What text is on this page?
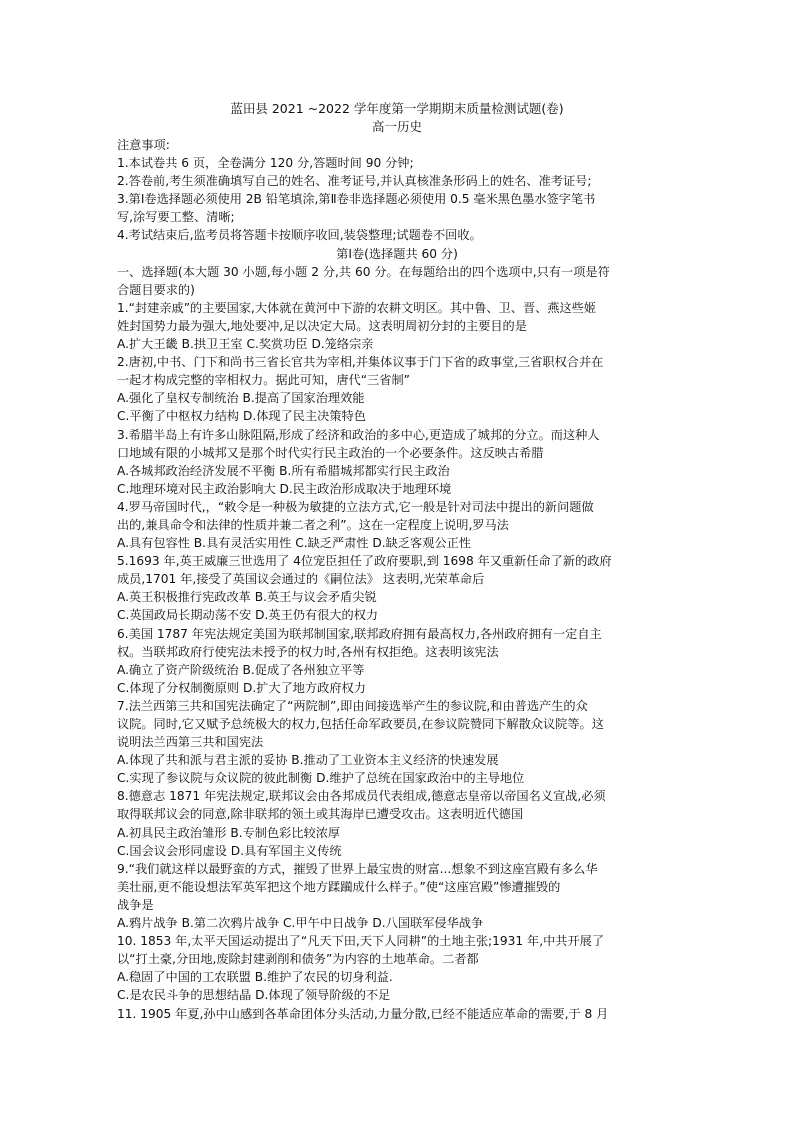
蓝田县 2021 ~2022 学年度第一学期期末质量检测试题(卷)
高一历史
注意事项:
1.本试卷共 6 页，全卷满分 120 分,答题时间 90 分钟;
2.答卷前,考生须准确填写自己的姓名、准考证号,并认真核准条形码上的姓名、准考证号;
3.第Ⅰ卷选择题必须使用 2B 铅笔填涂,第Ⅱ卷非选择题必须使用 0.5 毫米黑色墨水签字笔书
写,涂写要工整、清晰;
4.考试结束后,监考员将答题卡按顺序收回,装袋整理;试题卷不回收。
第Ⅰ卷(选择题共 60 分)
一、选择题(本大题 30 小题,每小题 2 分,共 60 分。在每题给出的四个选项中,只有一项是符
合题目要求的)
1.“封建亲戚”的主要国家,大体就在黄河中下游的农耕文明区。其中鲁、卫、晋、燕这些姬
姓封国势力最为强大,地处要冲,足以决定大局。这表明周初分封的主要目的是
A.扩大王畿 B.拱卫王室 C.奖赏功臣 D.笼络宗亲
2.唐初,中书、门下和尚书三省长官共为宰相,并集体议事于门下省的政事堂,三省职权合并在
一起才构成完整的宰相权力。据此可知，唐代“三省制”
A.强化了皇权专制统治 B.提高了国家治理效能
C.平衡了中枢权力结构 D.体现了民主决策特色
3.希腊半岛上有许多山脉阻隔,形成了经济和政治的多中心,更造成了城邦的分立。而这种人
口地域有限的小城邦又是那个时代实行民主政治的一个必要条件。这反映古希腊
A.各城邦政治经济发展不平衡 B.所有希腊城邦都实行民主政治
C.地理环境对民主政治影响大 D.民主政治形成取决于地理环境
4.罗马帝国时代,，“敕令是一种极为敏捷的立法方式,它一般是针对司法中提出的新问题做
出的,兼具命令和法律的性质并兼二者之利”。这在一定程度上说明,罗马法
A.具有包容性 B.具有灵活实用性 C.缺乏严肃性 D.缺乏客观公正性
5.1693 年,英王威廉三世选用了 4位宠臣担任了政府要职,到 1698 年又重新任命了新的政府
成员,1701 年,接受了英国议会通过的《嗣位法》 这表明,光荣革命后
A.英王积极推行宪政改革 B.英王与议会矛盾尖锐
C.英国政局长期动荡不安 D.英王仍有很大的权力
6.美国 1787 年宪法规定美国为联邦制国家,联邦政府拥有最高权力,各州政府拥有一定自主
权。当联邦政府行使宪法未授予的权力时,各州有权拒绝。这表明该宪法
A.确立了资产阶级统治 B.促成了各州独立平等
C.体现了分权制衡原则 D.扩大了地方政府权力
7.法兰西第三共和国宪法确定了“两院制”,即由间接选举产生的参议院,和由普选产生的众
议院。同时,它又赋予总统极大的权力,包括任命军政要员,在参议院赞同下解散众议院等。这
说明法兰西第三共和国宪法
A.体现了共和派与君主派的妥协 B.推动了工业资本主义经济的快速发展
C.实现了参议院与众议院的彼此制衡 D.维护了总统在国家政治中的主导地位
8.德意志 1871 年宪法规定,联邦议会由各邦成员代表组成,德意志皇帝以帝国名义宣战,必须
取得联邦议会的同意,除非联邦的领土或其海岸已遭受攻击。这表明近代德国
A.初具民主政治雏形 B.专制色彩比较浓厚
C.国会议会形同虚设 D.具有军国主义传统
9.“我们就这样以最野蛮的方式，摧毁了世界上最宝贵的财富...想象不到这座宫殿有多么华
美壮丽,更不能设想法军英军把这个地方蹂躏成什么样子。”使“这座宫殿”惨遭摧毁的
战争是
A.鸦片战争 B.第二次鸦片战争 C.甲午中日战争 D.八国联军侵华战争
10. 1853 年,太平天国运动提出了“凡天下田,天下人同耕”的土地主张;1931 年,中共开展了
以“打土豪,分田地,废除封建剥削和债务”为内容的土地革命。二者都
A.稳固了中国的工农联盟 B.维护了农民的切身利益.
C.是农民斗争的思想结晶 D.体现了领导阶级的不足
11. 1905 年夏,孙中山感到各革命团体分头活动,力量分散,已经不能适应革命的需要,于 8 月
